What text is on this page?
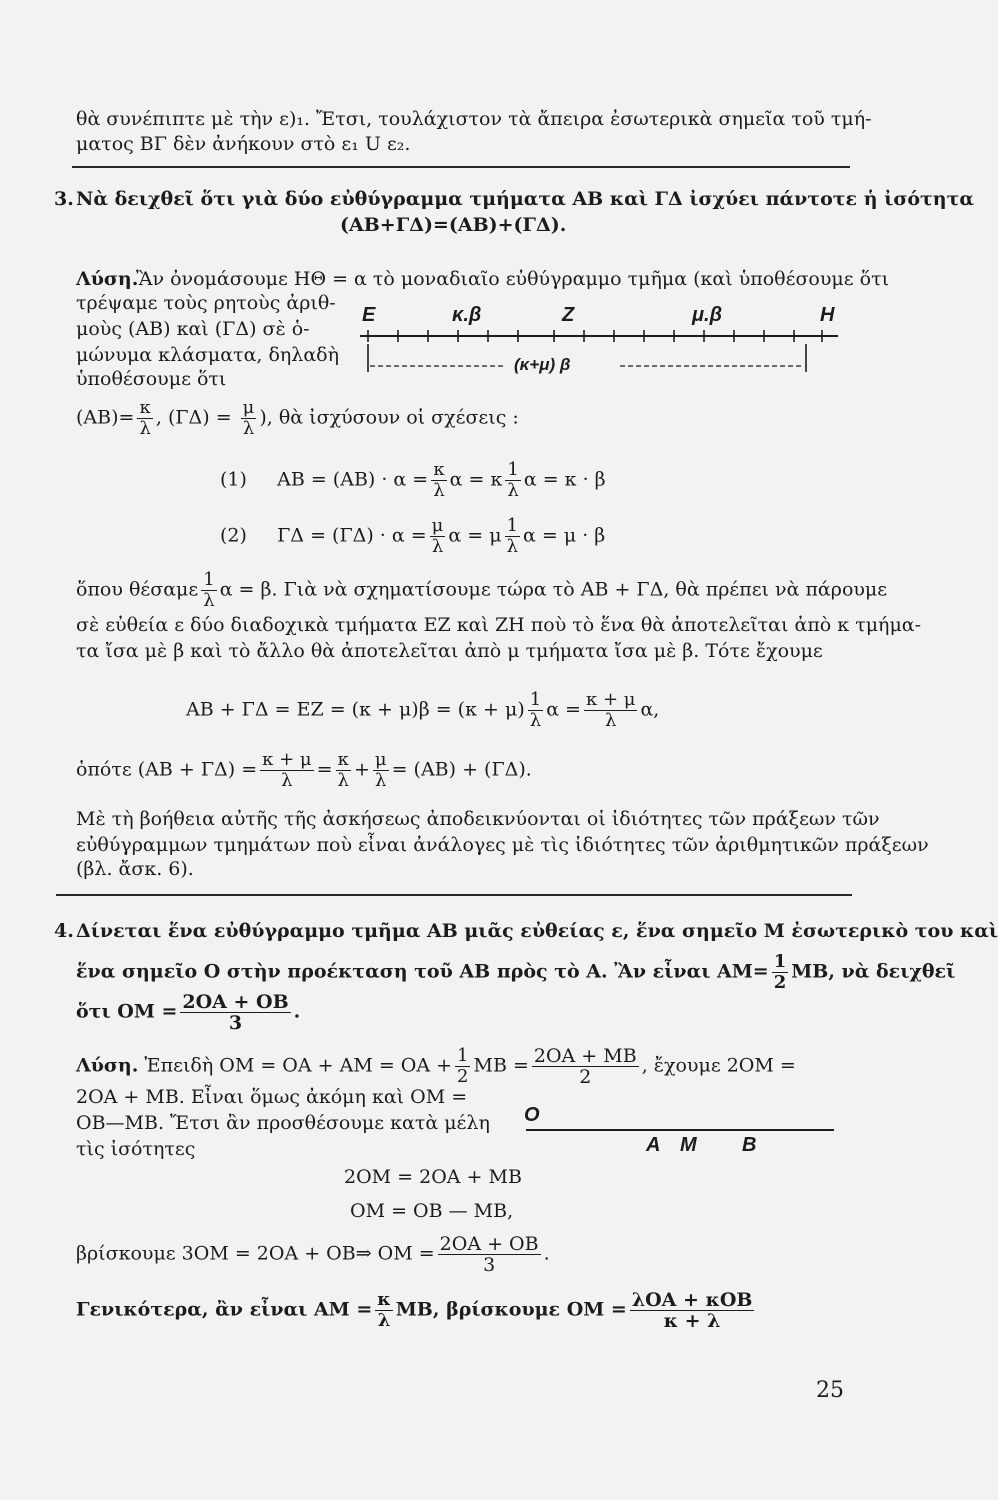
θὰ συνέπιπτε μὲ τὴν ε)₁. Ἔτσι, τουλάχιστον τὰ ἄπειρα ἐσωτερικὰ σημεῖα τοῦ τμή-
ματος ΒΓ δὲν ἀνήκουν στὸ ε₁ U ε₂.
3. Νὰ δειχθεῖ ὅτι γιὰ δύο εὐθύγραμμα τμήματα ΑΒ καὶ ΓΔ ἰσχύει πάντοτε ἡ ἰσότητα
(ΑΒ+ΓΔ)=(ΑΒ)+(ΓΔ).
Λύση.
Ἂν ὀνομάσουμε ΗΘ = α τὸ μοναδιαῖο εὐθύγραμμο τμῆμα (καὶ ὑποθέσουμε ὅτι
τρέψαμε τοὺς ρητοὺς ἀριθ-
μοὺς (ΑΒ) καὶ (ΓΔ) σὲ ὁ-
μώνυμα κλάσματα, δηλαδὴ
ὑποθέσουμε ὅτι
E	κ.β	Z	μ.β	H
(κ+μ) β
$(AB)= \frac{\kappa}{\lambda}$ , $(\Gamma\Delta) = \frac{\mu}{\lambda}$ ), θὰ ἰσχύσουν οἱ σχέσεις :
(1) $AB = (AB) \cdot \alpha = \frac{\kappa}{\lambda}$ α = κ $\frac{1}{\lambda}$ α = κ · β
(2) $\Gamma\Delta = (\Gamma\Delta) \cdot \alpha = \frac{\mu}{\lambda}$ α = μ $\frac{1}{\lambda}$ α = μ · β
ὅπου θέσαμε $\frac{1}{\lambda}$ α = β. Γιὰ νὰ σχηματίσουμε τώρα τὸ ΑΒ + ΓΔ, θὰ πρέπει νὰ πάρουμε
σὲ εὐθεία ε δύο διαδοχικὰ τμήματα ΕΖ καὶ ΖΗ ποὺ τὸ ἕνα θὰ ἀποτελεῖται ἀπὸ κ τμήμα-
τα ἴσα μὲ β καὶ τὸ ἄλλο θὰ ἀποτελεῖται ἀπὸ μ τμήματα ἴσα μὲ β. Τότε ἔχουμε
$AB + \Gamma\Delta = EZ = (\kappa + \mu)\beta = (\kappa + \mu) \frac{1}{\lambda}$ $\alpha = \frac{\kappa + \mu}{\lambda} \alpha$,
ὁπότε $(AB + \Gamma\Delta) = \frac{\kappa + \mu}{\lambda} = \frac{\kappa}{\lambda} + \frac{\mu}{\lambda} = (AB) + (\Gamma\Delta)$.
Μὲ τὴ βοήθεια αὐτῆς τῆς ἀσκήσεως ἀποδεικνύονται οἱ ἰδιότητες τῶν πράξεων τῶν
εὐθύγραμμων τμημάτων ποὺ εἶναι ἀνάλογες μὲ τὶς ἰδιότητες τῶν ἀριθμητικῶν πράξεων
(βλ. ἄσκ. 6).
4. Δίνεται ἕνα εὐθύγραμμο τμῆμα ΑΒ μιᾶς εὐθείας ε, ἕνα σημεῖο Μ ἐσωτερικὸ του καὶ
ἕνα σημεῖο Ο στὴν προέκταση τοῦ ΑΒ πρὸς τὸ Α. Ἂν εἶναι $AM= \frac{1}{2} MB$, νὰ δειχθεῖ
ὅτι $OM = \frac{2OA + OB}{3}$ .
Λύση. Ἐπειδὴ $OM = OA + AM = OA + \frac{1}{2}$ $MB = \frac{2OA + MB}{2}$ , ἔχουμε 2ΟΜ =
2ΟΑ + ΜΒ. Εἶναι ὅμως ἀκόμη καὶ ΟΜ =
ΟΒ—ΜΒ. Ἔτσι ἂν προσθέσουμε κατὰ μέλη
τὶς ἰσότητες
O
A M B
2ΟΜ = 2ΟΑ + ΜΒ
ΟΜ = ΟΒ — ΜΒ,
βρίσκουμε 3ΟΜ = 2ΟΑ + ΟΒ⇒ $OM = \frac{2OA + OB}{3}$ .
Γενικότερα, ἂν εἶναι $AM = \frac{\kappa}{\lambda} MB$, βρίσκουμε $OM = \frac{\text{λΟΑ + κΟΒ}}{\kappa + \lambda}$
25
